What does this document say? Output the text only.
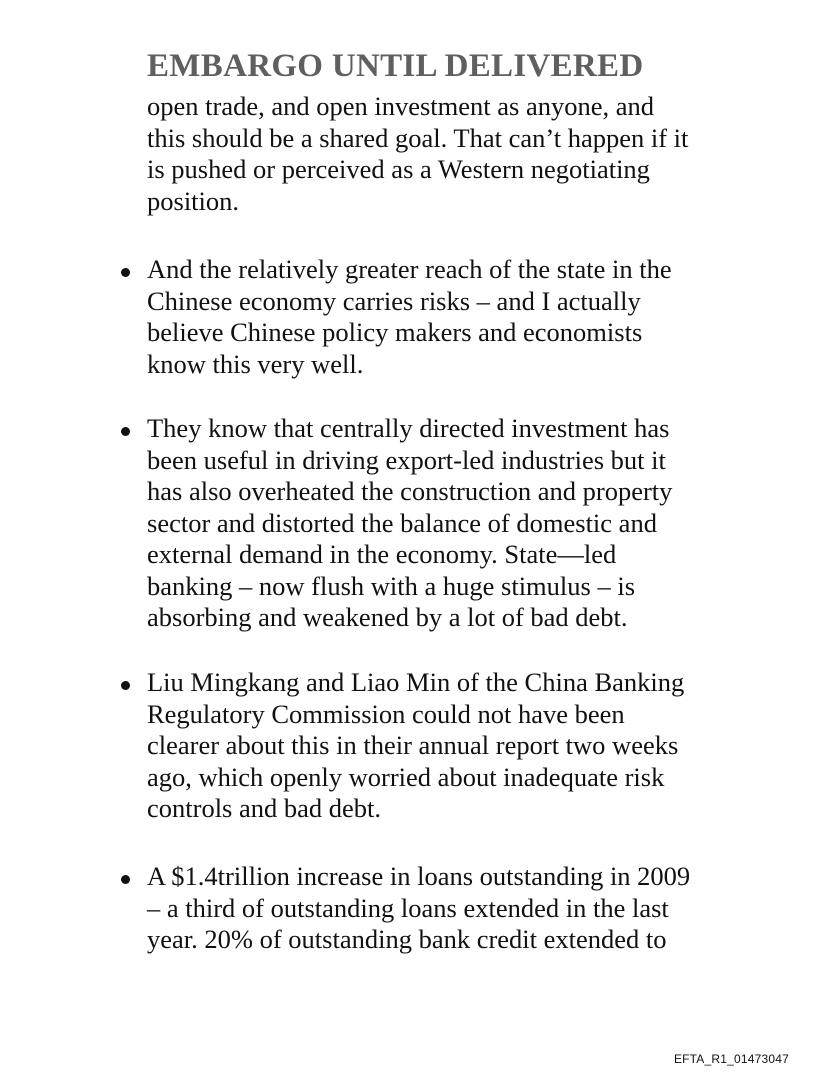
EMBARGO UNTIL DELIVERED
open trade, and open investment as anyone, and
this should be a shared goal. That can’t happen if it
is pushed or perceived as a Western negotiating
position.
And the relatively greater reach of the state in the
Chinese economy carries risks – and I actually
believe Chinese policy makers and economists
know this very well.
They know that centrally directed investment has
been useful in driving export-led industries but it
has also overheated the construction and property
sector and distorted the balance of domestic and
external demand in the economy. State—led
banking – now flush with a huge stimulus – is
absorbing and weakened by a lot of bad debt.
Liu Mingkang and Liao Min of the China Banking
Regulatory Commission could not have been
clearer about this in their annual report two weeks
ago, which openly worried about inadequate risk
controls and bad debt.
A $1.4trillion increase in loans outstanding in 2009
– a third of outstanding loans extended in the last
year. 20% of outstanding bank credit extended to
EFTA_R1_01473047
